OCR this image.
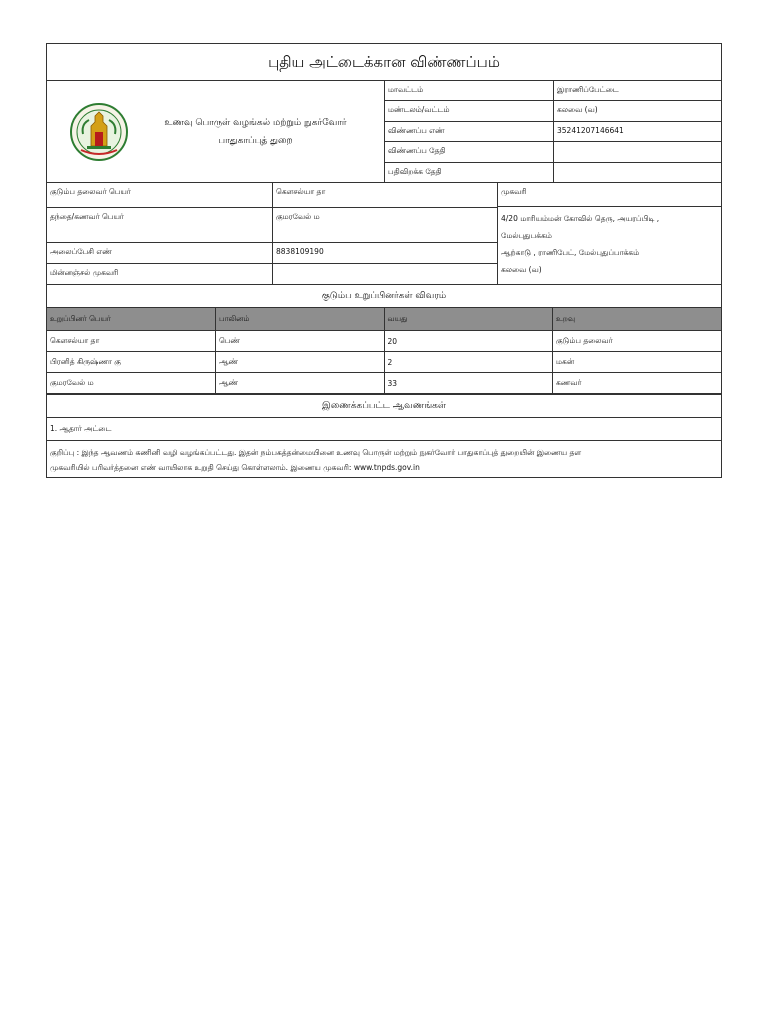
புதிய அட்டைக்கான விண்ணப்பம்
உணவு பொருள் வழங்கல் மற்றும் நுகர்வோர்
பாதுகாப்புத் துறை
மாவட்டம்	இராணிப்பேட்டை
மண்டலம்/வட்டம்	கலவை (வ)
விண்ணப்ப எண்	35241207146641
விண்ணப்ப தேதி
பதிவிறக்க தேதி
குடும்ப தலைவர் பெயர்	கௌசல்யா தா
தந்தை/கணவர் பெயர்	குமரவேல் ம
அலைப்பேசி எண்	8838109190
மின்னஞ்சல் முகவரி
முகவரி
4/20 மாரியம்மன் கோவில் தெரு, அயரப்பிடி ,
மேல்புதுபக்கம்
ஆற்காடு , ராணிபேட், மேல்புதுப்பாக்கம்
கலவை (வ)
குடும்ப உறுப்பினர்கள் விவரம்
உறுப்பினர் பெயர்	பாலினம்	வயது	உறவு
கௌசல்யா தா	பெண்	20	குடும்ப தலைவர்
பிரனித் கிருஷ்ணா கு	ஆண்	2	மகன்
குமரவேல் ம	ஆண்	33	கணவர்
இணைக்கப்பட்ட ஆவணங்கள்
1. ஆதார் அட்டை
குறிப்பு : இந்த ஆவணம் கணினி வழி வழங்கப்பட்டது. இதன் நம்பகத்தன்மையினை உணவு பொருள் மற்றும் நுகர்வோர் பாதுகாப்புத் துறையின் இணைய தள
முகவரியில் பரிவர்த்தனை எண் வாயிலாக உறுதி செய்து கொள்ளலாம். இணைய முகவரி: www.tnpds.gov.in
